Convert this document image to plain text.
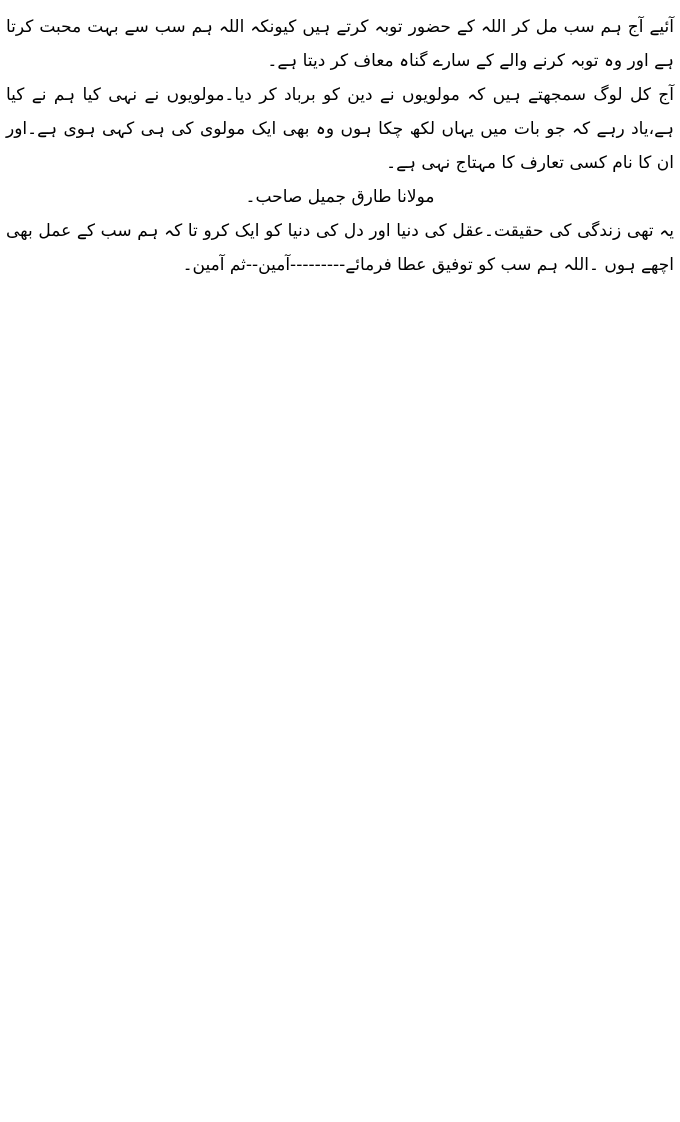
آئیے آج ہم سب مل کر اللہ کے حضور توبہ کرتے ہیں کیونکہ اللہ ہم سب سے بہت محبت کرتا ہے اور وہ توبہ کرنے والے کے سارے گناہ معاف کر دیتا ہے۔

آج کل لوگ سمجھتے ہیں کہ مولویوں نے دین کو برباد کر دیا۔مولویوں نے نہی کیا ہم نے کیا ہے،یاد رہے کہ جو بات میں یہاں لکھ چکا ہوں وہ بھی ایک مولوی کی ہی کہی ہوی ہے۔اور ان کا نام کسی تعارف کا مہتاج نہی ہے۔

مولانا طارق جمیل صاحب۔

یہ تھی زندگی کی حقیقت۔عقل کی دنیا اور دل کی دنیا کو ایک کرو تا کہ ہم سب کے عمل بھی اچھے ہوں ۔اللہ ہم سب کو توفیق عطا فرمائے---------آمین--ثم آمین۔
